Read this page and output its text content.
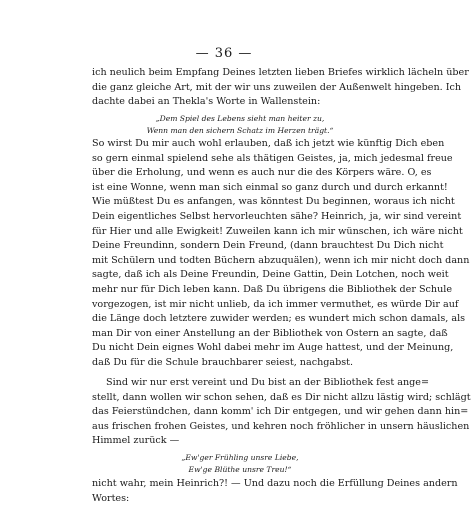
— 36 —
ich neulich beim Empfang Deines letzten lieben Briefes wirklich lächeln über
die ganz gleiche Art, mit der wir uns zuweilen der Außenwelt hingeben. Ich
dachte dabei an Thekla's Worte in Wallenstein:
„Dem Spiel des Lebens sieht man heiter zu,
Wenn man den sichern Schatz im Herzen trägt.“
So wirst Du mir auch wohl erlauben, daß ich jetzt wie künftig Dich eben
so gern einmal spielend sehe als thätigen Geistes, ja, mich jedesmal freue
über die Erholung, und wenn es auch nur die des Körpers wäre. O, es
ist eine Wonne, wenn man sich einmal so ganz durch und durch erkannt!
Wie müßtest Du es anfangen, was könntest Du beginnen, woraus ich nicht
Dein eigentliches Selbst hervorleuchten sähe? Heinrich, ja, wir sind vereint
für Hier und alle Ewigkeit! Zuweilen kann ich mir wünschen, ich wäre nicht
Deine Freundinn, sondern Dein Freund, (dann brauchtest Du Dich nicht
mit Schülern und todten Büchern abzuquälen), wenn ich mir nicht doch dann
sagte, daß ich als Deine Freundin, Deine Gattin, Dein Lotchen, noch weit
mehr nur für Dich leben kann. Daß Du übrigens die Bibliothek der Schule
vorgezogen, ist mir nicht unlieb, da ich immer vermuthet, es würde Dir auf
die Länge doch letztere zuwider werden; es wundert mich schon damals, als
man Dir von einer Anstellung an der Bibliothek von Ostern an sagte, daß
Du nicht Dein eignes Wohl dabei mehr im Auge hattest, und der Meinung,
daß Du für die Schule brauchbarer seiest, nachgabst.
Sind wir nur erst vereint und Du bist an der Bibliothek fest ange=
stellt, dann wollen wir schon sehen, daß es Dir nicht allzu lästig wird; schlägt
das Feierstündchen, dann komm' ich Dir entgegen, und wir gehen dann hin=
aus frischen frohen Geistes, und kehren noch fröhlicher in unsern häuslichen
Himmel zurück —
„Ew'ger Frühling unsre Liebe,
Ew'ge Blüthe unsre Treu!“
nicht wahr, mein Heinrich?! — Und dazu noch die Erfüllung Deines andern
Wortes:
